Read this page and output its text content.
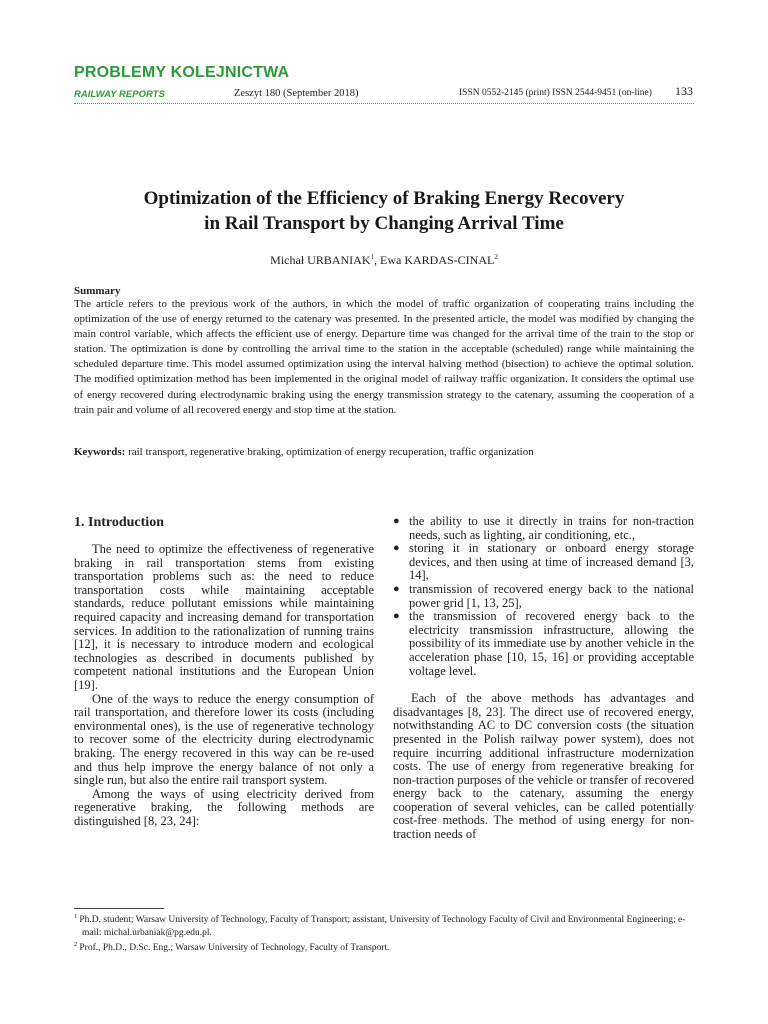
PROBLEMY KOLEJNICTWA
RAILWAY REPORTS	Zeszyt 180 (September 2018)	ISSN 0552-2145 (print) ISSN 2544-9451 (on-line) 133
Optimization of the Efficiency of Braking Energy Recovery
in Rail Transport by Changing Arrival Time
Michał URBANIAK$^1$, Ewa KARDAS-CINAL$^2$
Summary
The article refers to the previous work of the authors, in which the model of traffic organization of cooperating trains including the optimization of the use of energy returned to the catenary was presented. In the presented article, the model was modified by changing the main control variable, which affects the efficient use of energy. Departure time was changed for the arrival time of the train to the stop or station. The optimization is done by controlling the arrival time to the station in the acceptable (scheduled) range while maintaining the scheduled departure time. This model assumed optimization using the interval halving method (bisection) to achieve the optimal solution. The modified optimization method has been implemented in the original model of railway traffic organization. It considers the optimal use of energy recovered during electrodynamic braking using the energy transmission strategy to the catenary, assuming the cooperation of a train pair and volume of all recovered energy and stop time at the station.
Keywords: rail transport, regenerative braking, optimization of energy recuperation, traffic organization
1. Introduction

The need to optimize the effectiveness of regenerative braking in rail transportation stems from existing transportation problems such as: the need to reduce transportation costs while maintaining acceptable standards, reduce pollutant emissions while maintaining required capacity and increasing demand for transportation services. In addition to the rationalization of running trains [12], it is necessary to introduce modern and ecological technologies as described in documents published by competent national institutions and the European Union [19].

One of the ways to reduce the energy consumption of rail transportation, and therefore lower its costs (including environmental ones), is the use of regenerative technology to recover some of the electricity during electrodynamic braking. The energy recovered in this way can be re-used and thus help improve the energy balance of not only a single run, but also the entire rail transport system.

Among the ways of using electricity derived from regenerative braking, the following methods are distinguished [8, 23, 24]:

● the ability to use it directly in trains for non-traction needs, such as lighting, air conditioning, etc.,
● storing it in stationary or onboard energy storage devices, and then using at time of increased demand [3, 14],
● transmission of recovered energy back to the national power grid [1, 13, 25],
● the transmission of recovered energy back to the electricity transmission infrastructure, allowing the possibility of its immediate use by another vehicle in the acceleration phase [10, 15, 16] or providing acceptable voltage level.

Each of the above methods has advantages and disadvantages [8, 23]. The direct use of recovered energy, notwithstanding AC to DC conversion costs (the situation presented in the Polish railway power system), does not require incurring additional infrastructure modernization costs. The use of energy from regenerative breaking for non-traction purposes of the vehicle or transfer of recovered energy back to the catenary, assuming the energy cooperation of several vehicles, can be called potentially cost-free methods. The method of using energy for non-traction needs of

$^1$ Ph.D. student; Warsaw University of Technology, Faculty of Transport; assistant, University of Technology Faculty of Civil and Environmental Engineering; e-mail: michal.urbaniak@pg.edu.pl.
$^2$ Prof., Ph.D., D.Sc. Eng.; Warsaw University of Technology, Faculty of Transport.
